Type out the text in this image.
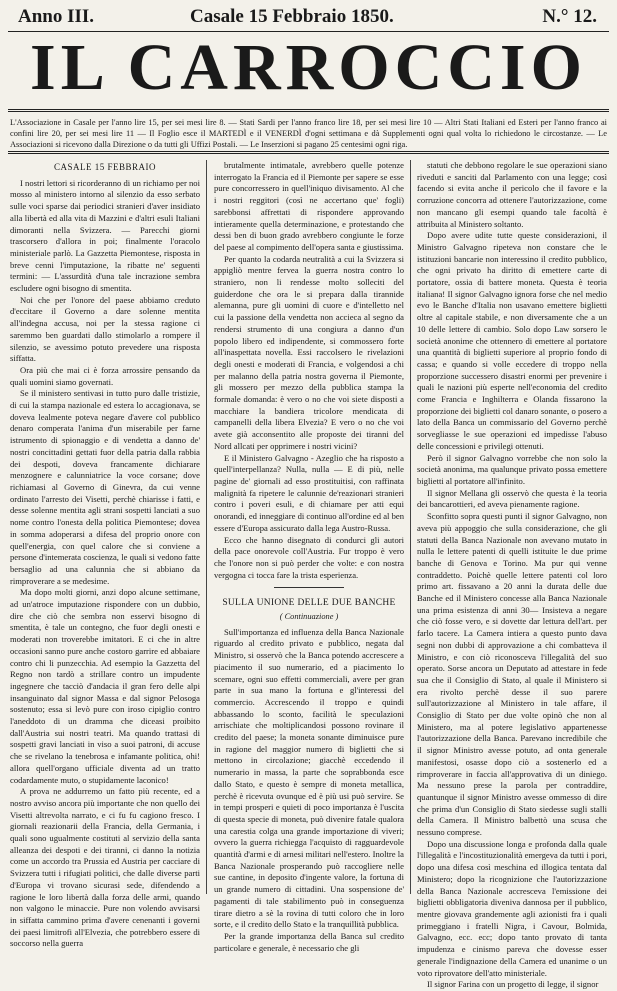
Anno III.	Casale 15 Febbraio 1850.	N.° 12.
IL CARROCCIO
L'Associazione in Casale per l'anno lire 15, per sei mesi lire 8. — Stati Sardi per l'anno franco lire 18, per sei mesi lire 10 — Altri Stati Italiani ed Esteri per l'anno franco ai confini lire 20, per sei mesi lire 11 — Il Foglio esce il MARTEDÌ e il VENERDÌ d'ogni settimana e dà Supplementi ogni qual volta lo richiedono le circostanze. — Le Associazioni si ricevono dalla Direzione o da tutti gli Uffizi Postali. — Le Inserzioni si pagano 25 centesimi ogni riga.
CASALE 15 FEBBRAIO

I nostri lettori si ricorderanno di un richiamo per noi mosso al ministero intorno al silenzio da esso serbato sulle voci sparse dai periodici stranieri d'aver insidiato alla libertà ed alla vita di Mazzini e d'altri esuli Italiani dimoranti nella Svizzera. — Parecchi giorni trascorsero d'allora in poi; finalmente l'oracolo ministeriale parlò. La Gazzetta Piemontese, risposta in breve cenni l'imputazione, la ribatte ne' seguenti termini: — L'assurdità d'una tale incrazione sembra escludere ogni bisogno di smentita.

Noi che per l'onore del paese abbiamo creduto d'eccitare il Governo a dare solenne mentita all'indegna accusa, noi per la stessa ragione ci saremmo ben guardati dallo stimolarlo a rompere il silenzio, se avessimo potuto prevedere una risposta siffatta.

Ora più che mai ci è forza arrossire pensando da quali uomini siamo governati.

Se il ministero sentivasi in tutto puro dalle tristizie, di cui la stampa nazionale ed estera lo accagionava, se doveva lealmente poteva negare d'avere col pubblico denaro comperata l'anima d'un miserabile per farne istrumento di spionaggio e di vendetta a danno de' nostri concittadini gettati fuor della patria dalla rabbia dei despoti, doveva francamente dichiarare menzognere e calunniatrice la voce corsane; dove richiamasi al Governo di Ginevra, da cui venne ordinato l'arresto dei Visetti, perchè chiarisse i fatti, e desse solenne mentita agli strani sospetti lanciati a suo nome contro l'onesta della politica Piemontese; dovea in somma adoperarsi a difesa del proprio onore con quell'energia, con quel calore che si conviene a persone d'intemerata coscienza, le quali si vedono fatte bersaglio ad una calunnia che si abbiano da rimproverare a se medesime.

Ma dopo molti giorni, anzi dopo alcune settimane, ad un'atroce imputazione rispondere con un dubbio, dire che ciò che sembra non esservi bisogno di smentita, è tale un contegno, che fuor degli onesti e moderati non troverebbe imitatori. E ci che in altre occasioni sanno pure anche costoro garrire ed abbaiare contro chi li punzecchia. Ad esempio la Gazzetta del Regno non tardò a strillare contro un impudente ingegnere che tacciò d'andacia il gran fero delle alpi insanguinato dal signor Massa e dal signor Pelosoga sostenuto; essa si levò pure con iroso cipiglio contro l'aneddoto di un dramma che diceasi proibito dall'Austria sui nostri teatri. Ma quando trattasi di sospetti gravi lanciati in viso a suoi patroni, di accuse che se rivelano la tenebrosa e infamante politica, ohi! allora quell'organo ufficiale diventa ad un tratto codardamente muto, o stupidamente laconico!

A prova ne addurremo un fatto più recente, ed a nostro avviso ancora più importante che non quello dei Visetti altrevolta narrato, e ci fu fu cagiono fresco. I giornali reazionarii della Francia, della Germania, i quali sono ugualmente costituti al servizio della santa alleanza dei despoti e dei tiranni, ci danno la notizia come un accordo tra Prussia ed Austria per cacciare di Svizzera tutti i rifugiati politici, che dalle diverse parti d'Europa vi trovano sicurasi sede, difendendo a ragione le loro libertà dalla forza delle armi, quando non valgono le minaccie. Pure non volendo avvisarsi in siffatta cammino prima d'avere cenenanti i governi dei paesi limitrofi all'Elvezia, che potrebbero essere di soccorso nella guerra

brutalmente intimatale, avrebbero quelle potenze interrogato la Francia ed il Piemonte per sapere se esse pure concorressero in quell'iniquo divisamento. Al che i nostri reggitori (così ne accertano que' fogli) sarebbonsi affrettati di rispondere approvando intieramente quella determinazione, e protestando che dessi ben di buon grado avrebbero congiunte le forze del paese al compimento dell'opera santa e giustissima.

Per quanto la codarda neutralità a cui la Svizzera si appigliò mentre fervea la guerra nostra contro lo straniero, non li rendesse molto solleciti del guiderdone che ora le si prepara dalla tirannide alemanna, pure gli uomini di cuore e d'intelletto nel cui la passione della vendetta non accieca al segno da rendersi strumento di una congiura a danno d'un popolo libero ed indipendente, si commossero forte all'inaspettata novella. Essi raccolsero le rivelazioni degli onesti e moderati di Francia, e volgendosi a chi per malanno della patria nostra governa il Piemonte, gli mossero per mezzo della pubblica stampa la formale domanda: è vero o no che voi siete disposti a macchiare la bandiera tricolore mendicata di campanelli della libera Elvezia? E vero o no che voi avete già acconsentito alle proposte dei tiranni del Nord allcati per opprimere i nostri vicini?

E il Ministero Galvagno - Azeglio che ha risposto a quell'interpellanza? Nulla, nulla — E di più, nelle pagine de' giornali ad esso prostituitisi, con raffinata malignità fa ripetere le calunnie de'reazionari stranieri contro i poveri esuli, e di chiamare per atti equi onorandi, ed inneggiare di continuo all'ordine ed al ben essere d'Europa assicurato dalla lega Austro-Russa.

Ecco che hanno disegnato di condurci gli autori della pace onorevole coll'Austria. Fur troppo è vero che l'onore non si può perder che volte: e con nostra vergogna ci tocca fare la trista esperienza.

SULLA UNIONE DELLE DUE BANCHE
( Continuazione )

Sull'importanza ed influenza della Banca Nazionale riguardo al credito privato e pubblico, negata dal Ministro, si osservò che la Banca potendo accrescere a piacimento il suo numerario, ed a piacimento lo scemare, ogni suo effetti commerciali, avere per gran parte in sua mano la fortuna e gl'interessi del commercio. Accrescendo il troppo e quindi abbassando lo sconto, facilità le speculazioni arrischiate che moltiplicandosi possono rovinare il credito del paese; la moneta sonante diminuisce pure in ragione del maggior numero di biglietti che si mettono in circolazione; giacchè eccedendo il numerario in massa, la parte che soprabbonda esce dallo Stato, e questo è sempre di moneta metallica, perchè è ricevuta ovunque ed è più usi può servire. Se in tempi prosperi e quieti di poco importanza è l'uscita di questa specie di moneta, può divenire fatale qualora una carestia colga una grande importazione di viveri; ovvero la guerra richiegga l'acquisto di ragguardevole quantità d'armi e di arnesi militari nell'estero. Inoltre la Banca Nazionale prosperando può raccogliere nelle sue cantine, in deposito d'ingente valore, la fortuna di un grande numero di cittadini. Una sospensione de' pagamenti di tale stabilimento può in conseguenza tirare dietro a sè la rovina di tutti coloro che in loro sorte, e il credito dello Stato e la tranquillità pubblica.

Per la grande importanza della Banca sul credito particolare e generale, è necessario che gli

statuti che debbono regolare le sue operazioni siano riveduti e sanciti dal Parlamento con una legge; così facendo si evita anche il pericolo che il favore e la corruzione concorra ad ottenere l'autorizzazione, come non mancano gli esempi quando tale facoltà è attribuita al Ministero soltanto.

Dopo avere udite tutte queste considerazioni, il Ministro Galvagno ripeteva non constare che le istituzioni bancarie non interessino il credito pubblico, che ogni privato ha diritto di emettere carte di portatore, ossia di battere moneta. Questa è teoria italiana! Il signor Galvagno ignora forse che nel medio evo le Banche d'Italia non usavano emettere biglietti oltre al capitale stabile, e non diversamente che a un 10 delle lettere di cambio. Solo dopo Law sorsero le società anonime che ottennero di emettere al portatore una quantità di biglietti superiore al proprio fondo di cassa; e quando si volle eccedere di troppo nella proporzione successero disastri enormi per prevenire i quali le nazioni più esperte nell'economia del credito come Francia e Inghilterra e Olanda fissarono la proporzione dei biglietti col danaro sonante, o posero a lato della Banca un commissario del Governo perchè sorvegliasse le sue operazioni ed impedisse l'abuso delle concessioni e privilegi ottenuti.

Però il signor Galvagno vorrebbe che non solo la società anonima, ma qualunque privato possa emettere biglietti al portatore all'infinito.

Il signor Mellana gli osservò che questa è la teoria dei bancarottieri, ed aveva pienamente ragione.

Sconfitto sopra questi punti il signor Galvagno, non aveva più appoggio che sulla considerazione, che gli statuti della Banca Nazionale non avevano mutato in nulla le lettere patenti di quelli istituite le due prime banche di Genova e Torino. Ma pur qui venne contraddetto. Poichè quelle lettere patenti col loro primo art. fissavano a 20 anni la durata delle due Banche ed il Ministero concesse alla Banca Nazionale una prima esistenza di anni 30— Insisteva a negare che ciò fosse vero, e si dovette dar lettura dell'art. per farlo tacere. La Camera intiera a questo punto dava segni non dubbi di approvazione a chi combatteva il Ministro, e con ciò riconosceva l'illegalità del suo operato. Sorse ancora un Deputato ad attestare in fede sua che il Consiglio di Stato, al quale il Ministero si era rivolto perchè desse il suo parere sull'autorizzazione al Ministero in tale affare, il Consiglio di Stato per due volte opinò che non al Ministero, ma al potere legislativo appartenesse l'autorizzazione della Banca. Parevano incredibile che il signor Ministro avesse potuto, ad onta generale manifestosi, osasse dopo ciò a sostenerlo ed a rimproverare in faccia all'approvativa di un diniego. Ma nessuno prese la parola per contraddire, quantunque il signor Ministro avesse ommesso di dire che prima d'un Consiglio di Stato siedesse sugli stalli della Camera. Il Ministro balbettò una scusa che nessuno comprese.

Dopo una discussione longa e profonda dalla quale l'illegalità e l'incostituzionalità emergeva da tutti i pori, dopo una difesa così meschina ed illogica tentata dal Ministero; dopo la ricognizione che l'autorizzazione della Banca Nazionale accresceva l'emissione dei biglietti obbligatoria diveniva dannosa per il pubblico, mentre giovava grandemente agli azionisti fra i quali primeggiano i fratelli Nigra, i Cavour, Bolmida, Galvagno, ecc. ecc; dopo tanto provato di tanta impudenza e cinismo pareva che dovesse esser generale l'indignazione della Camera ed unanime o un voto riprovatore dell'atto ministeriale.

Il signor Farina con un progetto di legge, il signor
